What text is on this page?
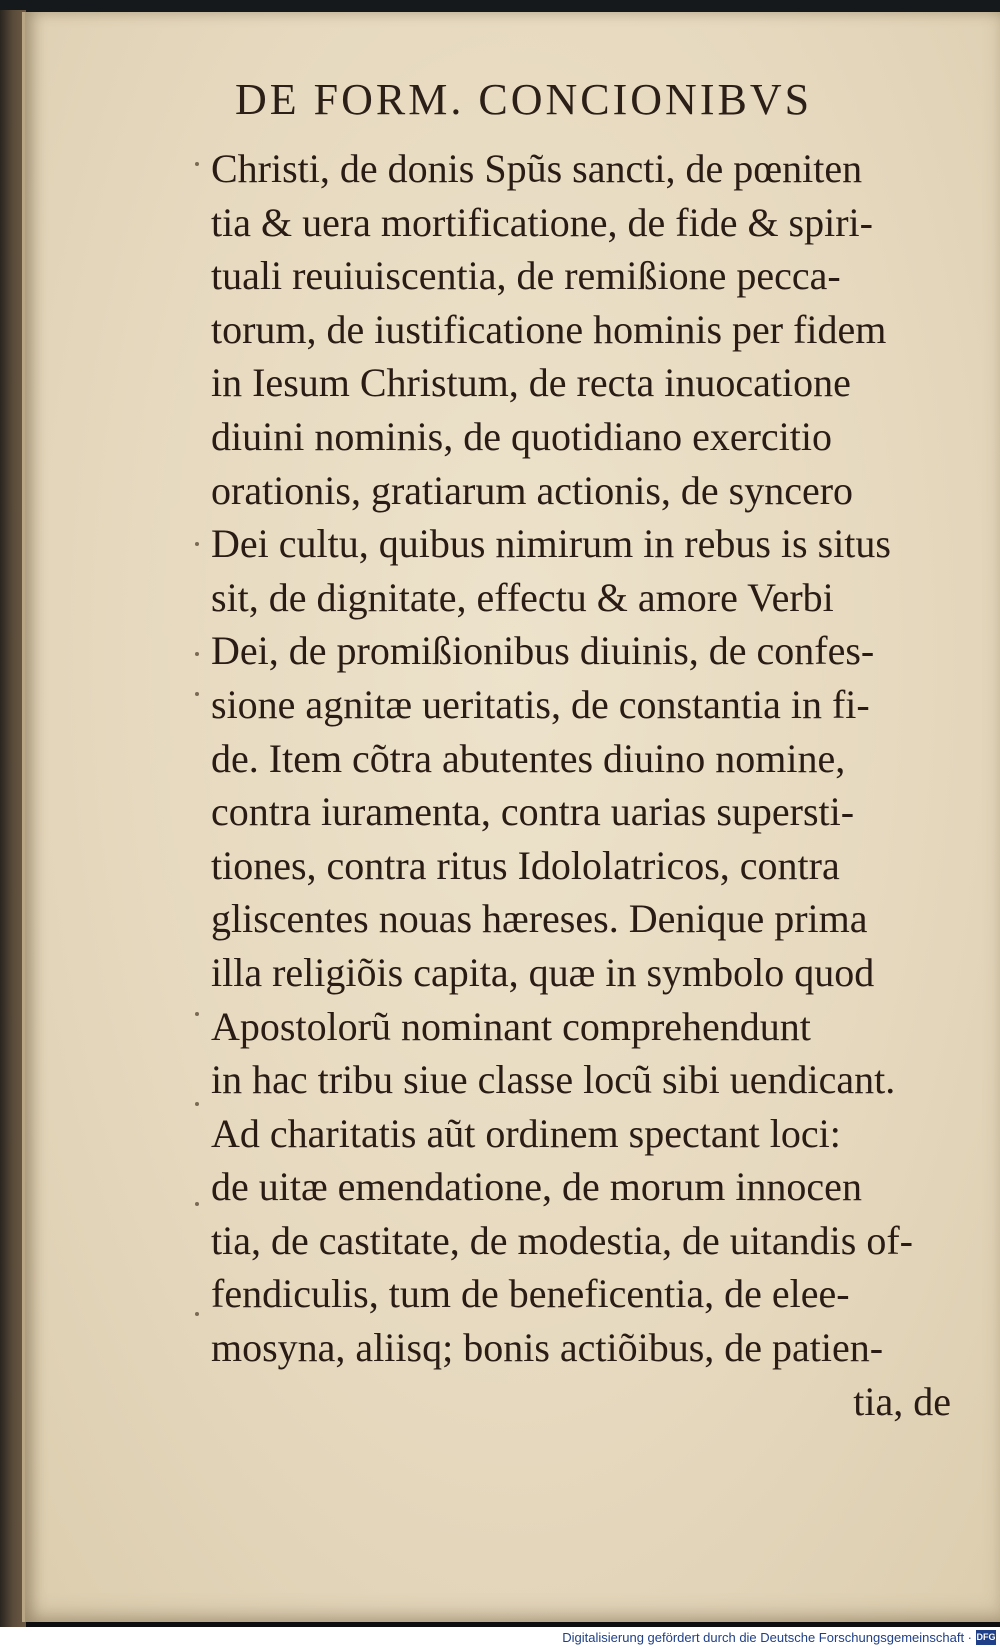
DE FORM. CONCIONIBVS
Christi, de donis Spũs sancti, de pœniten
tia & uera mortificatione, de fide & spiri-
tuali reuiuiscentia, de remißione pecca-
torum, de iustificatione hominis per fidem
in Iesum Christum, de recta inuocatione
diuini nominis, de quotidiano exercitio
orationis, gratiarum actionis, de syncero
Dei cultu, quibus nimirum in rebus is situs
sit, de dignitate, effectu & amore Verbi
Dei, de promißionibus diuinis, de confes-
sione agnitæ ueritatis, de constantia in fi-
de. Item cõtra abutentes diuino nomine,
contra iuramenta, contra uarias supersti-
tiones, contra ritus Idololatricos, contra
gliscentes nouas hæreses. Denique prima
illa religiõis capita, quæ in symbolo quod
Apostolorũ nominant comprehendunt
in hac tribu siue classe locũ sibi uendicant.
Ad charitatis aũt ordinem spectant loci:
de uitæ emendatione, de morum innocen
tia, de castitate, de modestia, de uitandis of-
fendiculis, tum de beneficentia, de elee-
mosyna, aliisq; bonis actiõibus, de patien-
tia, de
Digitalisierung gefördert durch die Deutsche Forschungsgemeinschaft · DFG
